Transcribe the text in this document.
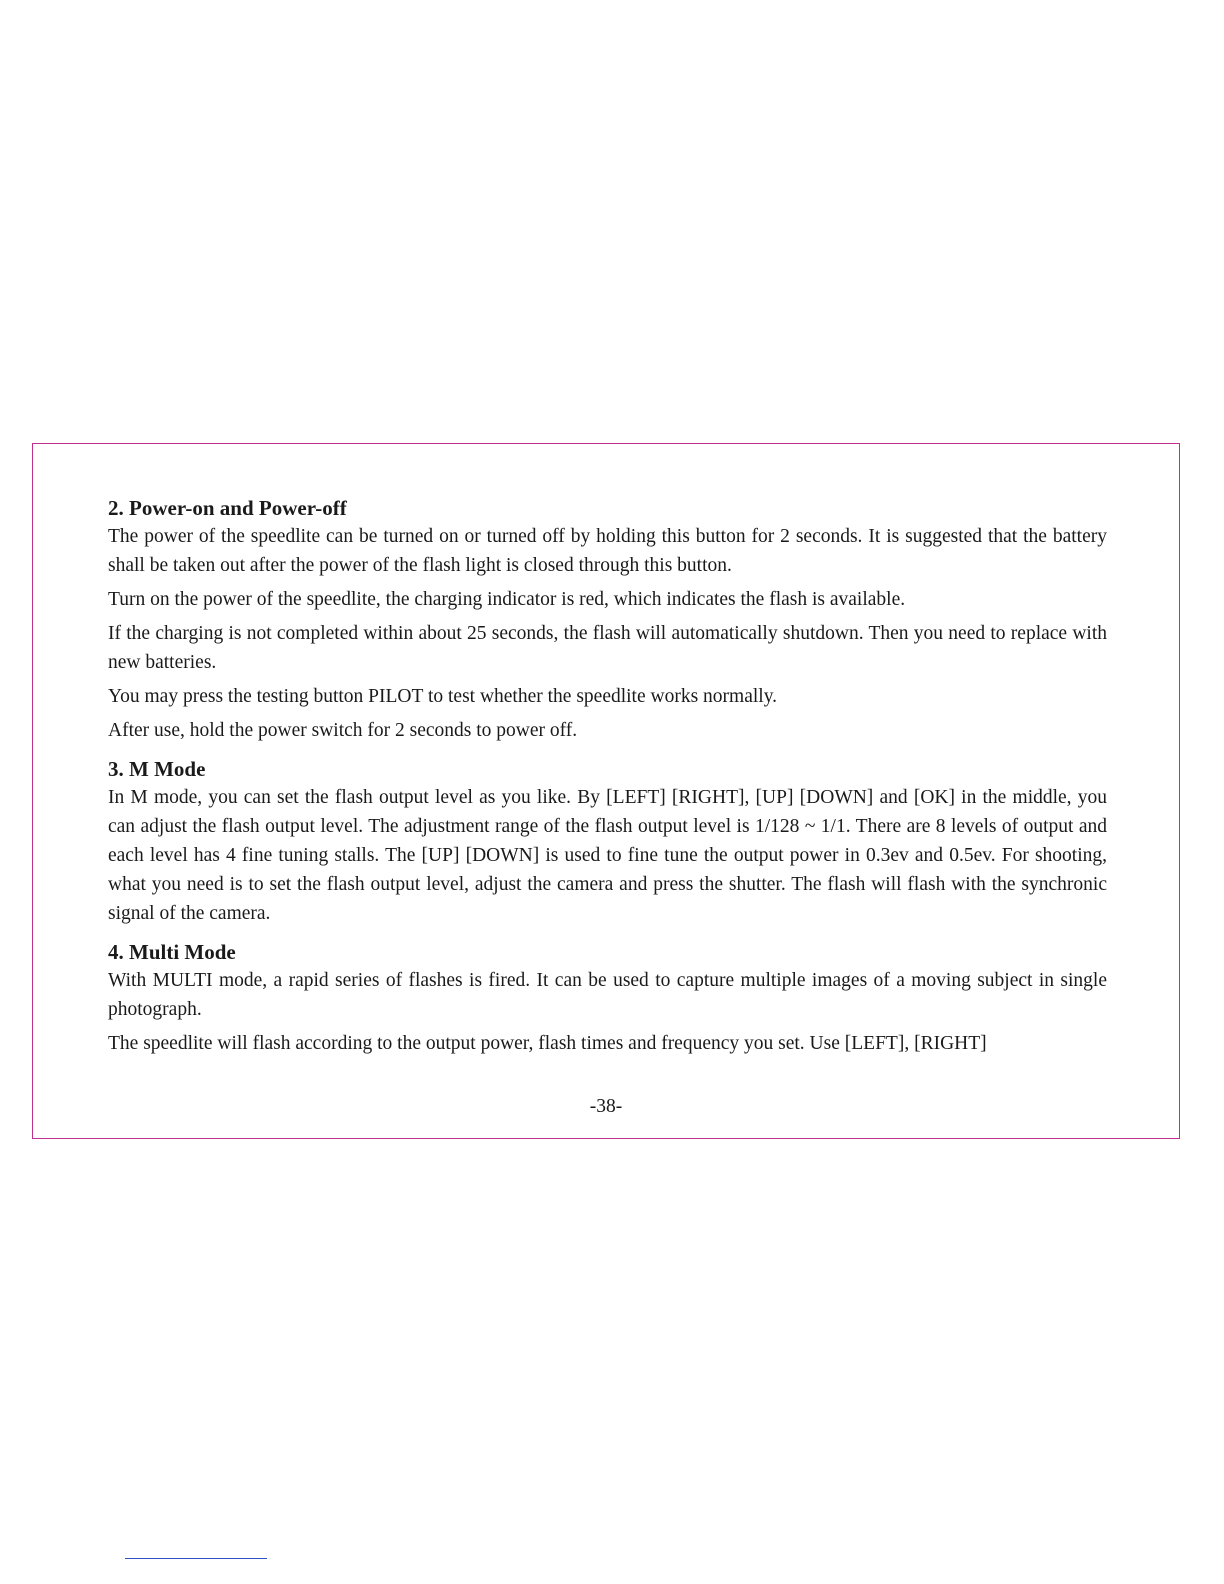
2. Power-on and Power-off

The power of the speedlite can be turned on or turned off by holding this button for 2 seconds. It is suggested that the battery shall be taken out after the power of the flash light is closed through this button.

Turn on the power of the speedlite, the charging indicator is red, which indicates the flash is available.

If the charging is not completed within about 25 seconds, the flash will automatically shutdown. Then you need to replace with new batteries.

You may press the testing button PILOT to test whether the speedlite works normally.

After use, hold the power switch for 2 seconds to power off.

3. M Mode

In M mode, you can set the flash output level as you like. By [LEFT] [RIGHT], [UP] [DOWN] and [OK] in the middle, you can adjust the flash output level. The adjustment range of the flash output level is 1/128 ~ 1/1. There are 8 levels of output and each level has 4 fine tuning stalls. The [UP] [DOWN] is used to fine tune the output power in 0.3ev and 0.5ev. For shooting, what you need is to set the flash output level, adjust the camera and press the shutter. The flash will flash with the synchronic signal of the camera.

4. Multi Mode

With MULTI mode, a rapid series of flashes is fired. It can be used to capture multiple images of a moving subject in single photograph.

The speedlite will flash according to the output power, flash times and frequency you set. Use [LEFT], [RIGHT]

-38-
